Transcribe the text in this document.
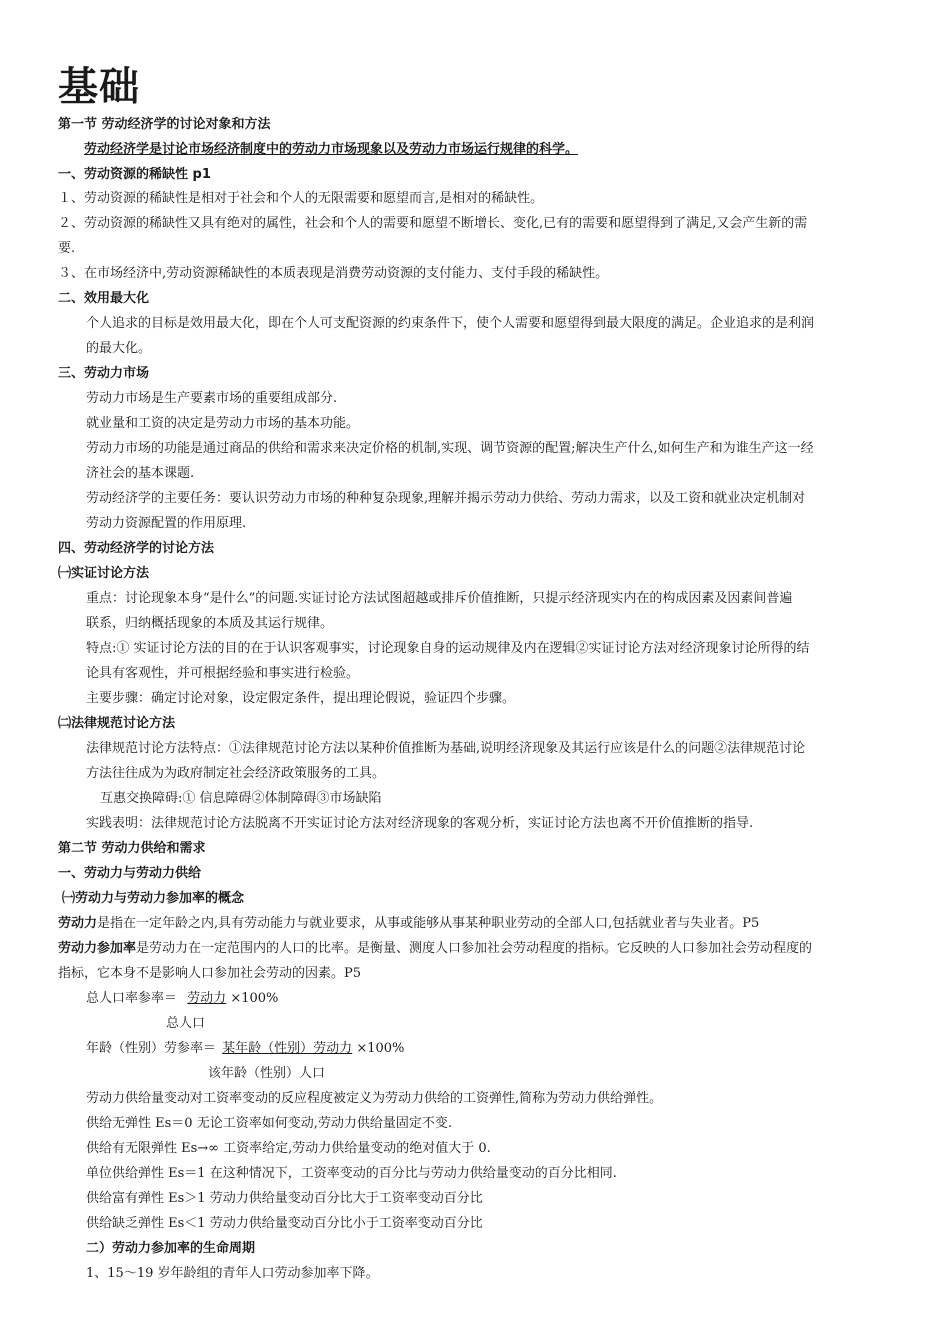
基础
第一节 劳动经济学的讨论对象和方法
劳动经济学是讨论市场经济制度中的劳动力市场现象以及劳动力市场运行规律的科学。
一、劳动资源的稀缺性 p1
１、劳动资源的稀缺性是相对于社会和个人的无限需要和愿望而言,是相对的稀缺性。
２、劳动资源的稀缺性又具有绝对的属性，社会和个人的需要和愿望不断增长、变化,已有的需要和愿望得到了满足,又会产生新的需
要.
３、在市场经济中,劳动资源稀缺性的本质表现是消费劳动资源的支付能力、支付手段的稀缺性。
二、效用最大化
个人追求的目标是效用最大化，即在个人可支配资源的约束条件下，使个人需要和愿望得到最大限度的满足。企业追求的是利润
的最大化。
三、劳动力市场
劳动力市场是生产要素市场的重要组成部分.
就业量和工资的决定是劳动力市场的基本功能。
劳动力市场的功能是通过商品的供给和需求来决定价格的机制,实现、调节资源的配置;解决生产什么,如何生产和为谁生产这一经
济社会的基本课题.
劳动经济学的主要任务：要认识劳动力市场的种种复杂现象,理解并揭示劳动力供给、劳动力需求，以及工资和就业决定机制对
劳动力资源配置的作用原理.
四、劳动经济学的讨论方法
㈠实证讨论方法
重点：讨论现象本身“是什么”的问题.实证讨论方法试图超越或排斥价值推断，只提示经济现实内在的构成因素及因素间普遍
联系，归纳概括现象的本质及其运行规律。
特点:① 实证讨论方法的目的在于认识客观事实，讨论现象自身的运动规律及内在逻辑②实证讨论方法对经济现象讨论所得的结
论具有客观性，并可根据经验和事实进行检验。
主要步骤：确定讨论对象，设定假定条件，提出理论假说，验证四个步骤。
㈡法律规范讨论方法
法律规范讨论方法特点：①法律规范讨论方法以某种价值推断为基础,说明经济现象及其运行应该是什么的问题②法律规范讨论
方法往往成为为政府制定社会经济政策服务的工具。
互惠交换障碍:① 信息障碍②体制障碍③市场缺陷
实践表明：法律规范讨论方法脱离不开实证讨论方法对经济现象的客观分析，实证讨论方法也离不开价值推断的指导.
第二节 劳动力供给和需求
一、劳动力与劳动力供给
㈠劳动力与劳动力参加率的概念
劳动力是指在一定年龄之内,具有劳动能力与就业要求，从事或能够从事某种职业劳动的全部人口,包括就业者与失业者。P5
劳动力参加率是劳动力在一定范围内的人口的比率。是衡量、测度人口参加社会劳动程度的指标。它反映的人口参加社会劳动程度的
指标，它本身不是影响人口参加社会劳动的因素。P5
总人口率参率＝ 劳动力 ×100%
总人口
年龄（性别）劳参率＝ 某年龄（性别）劳动力 ×100%
该年龄（性别）人口
劳动力供给量变动对工资率变动的反应程度被定义为劳动力供给的工资弹性,简称为劳动力供给弹性。
供给无弹性 Es＝0 无论工资率如何变动,劳动力供给量固定不变.
供给有无限弹性 Es→∞ 工资率给定,劳动力供给量变动的绝对值大于 0.
单位供给弹性 Es＝1 在这种情况下，工资率变动的百分比与劳动力供给量变动的百分比相同.
供给富有弹性 Es＞1 劳动力供给量变动百分比大于工资率变动百分比
供给缺乏弹性 Es＜1 劳动力供给量变动百分比小于工资率变动百分比
二）劳动力参加率的生命周期
1、15～19 岁年龄组的青年人口劳动参加率下降。
